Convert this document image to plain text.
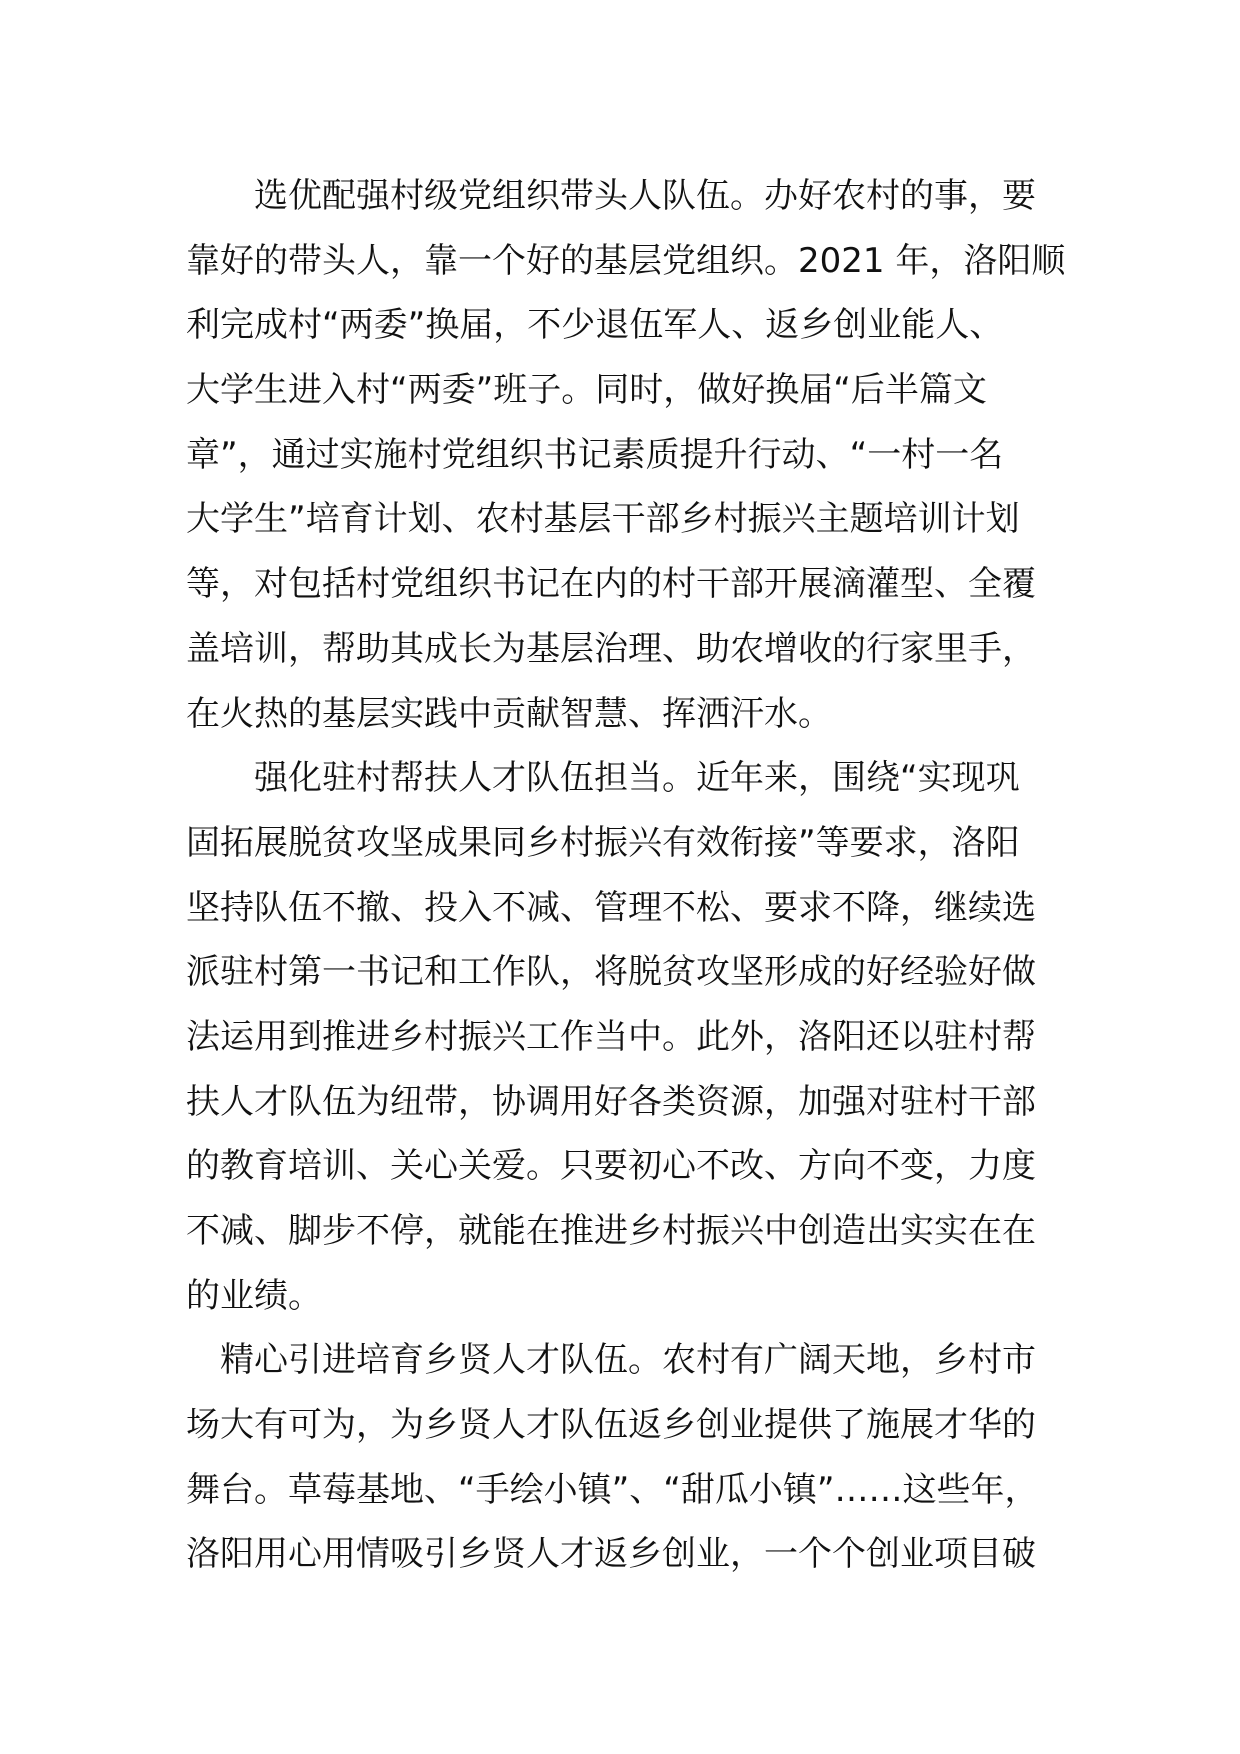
选优配强村级党组织带头人队伍。办好农村的事，要
靠好的带头人，靠一个好的基层党组织。2021 年，洛阳顺
利完成村“两委”换届，不少退伍军人、返乡创业能人、
大学生进入村“两委”班子。同时，做好换届“后半篇文
章”，通过实施村党组织书记素质提升行动、“一村一名
大学生”培育计划、农村基层干部乡村振兴主题培训计划
等，对包括村党组织书记在内的村干部开展滴灌型、全覆
盖培训，帮助其成长为基层治理、助农增收的行家里手，
在火热的基层实践中贡献智慧、挥洒汗水。
强化驻村帮扶人才队伍担当。近年来，围绕“实现巩
固拓展脱贫攻坚成果同乡村振兴有效衔接”等要求，洛阳
坚持队伍不撤、投入不减、管理不松、要求不降，继续选
派驻村第一书记和工作队，将脱贫攻坚形成的好经验好做
法运用到推进乡村振兴工作当中。此外，洛阳还以驻村帮
扶人才队伍为纽带，协调用好各类资源，加强对驻村干部
的教育培训、关心关爱。只要初心不改、方向不变，力度
不减、脚步不停，就能在推进乡村振兴中创造出实实在在
的业绩。
精心引进培育乡贤人才队伍。农村有广阔天地，乡村市
场大有可为，为乡贤人才队伍返乡创业提供了施展才华的
舞台。草莓基地、“手绘小镇”、“甜瓜小镇”……这些年，
洛阳用心用情吸引乡贤人才返乡创业，一个个创业项目破
